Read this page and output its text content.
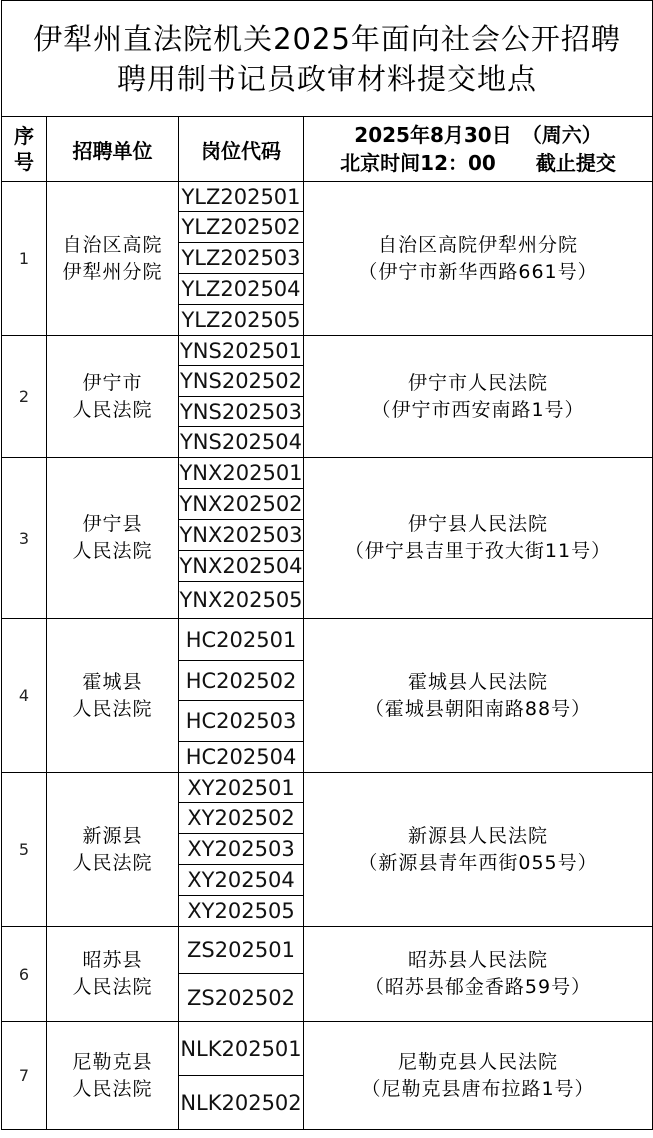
伊犁州直法院机关2025年面向社会公开招聘
聘用制书记员政审材料提交地点			

序
号	招聘单位	岗位代码	2025年8月30日　（周六）
北京时间12：00　　截止提交

1	自治区高院
伊犁州分院	YLZ202501	自治区高院伊犁州分院
（伊宁市新华西路661号）

		YLZ202502	
		YLZ202503	
		YLZ202504	
		YLZ202505	
2	伊宁市
人民法院	YNS202501	伊宁市人民法院
（伊宁市西安南路1号）

		YNS202502	
		YNS202503	
		YNS202504	
3	伊宁县
人民法院	YNX202501	伊宁县人民法院
（伊宁县吉里于孜大街11号）

		YNX202502	
		YNX202503	
		YNX202504	
		YNX202505	
4	霍城县
人民法院	HC202501	霍城县人民法院
（霍城县朝阳南路88号）

		HC202502	
		HC202503	
		HC202504	
5	新源县
人民法院	XY202501	新源县人民法院
（新源县青年西街055号）

		XY202502	
		XY202503	
		XY202504	
		XY202505	
6	昭苏县
人民法院	ZS202501	昭苏县人民法院
（昭苏县郁金香路59号）

		ZS202502	
7	尼勒克县
人民法院	NLK202501	尼勒克县人民法院
（尼勒克县唐布拉路1号）

		NLK202502	
